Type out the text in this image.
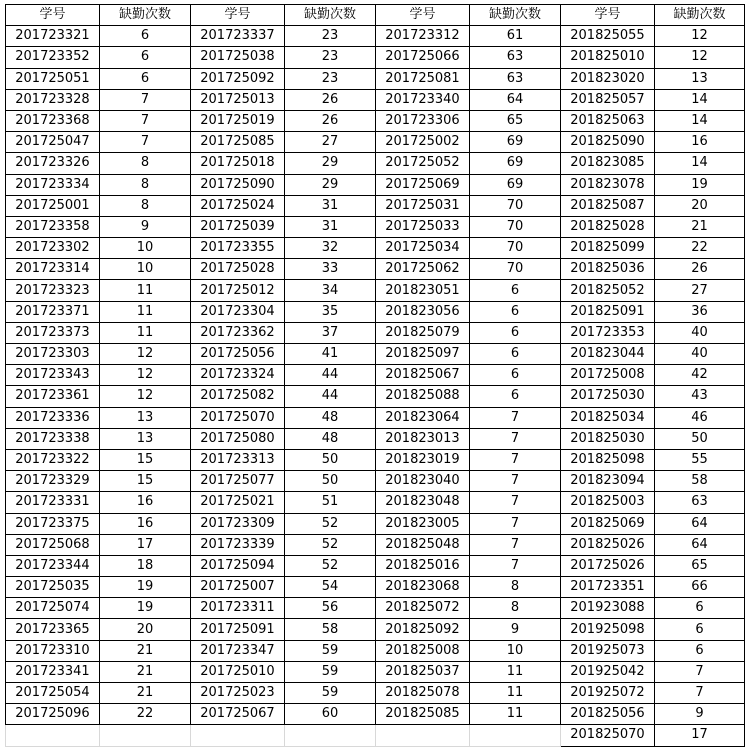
学号	缺勤次数	学号	缺勤次数	学号	缺勤次数	学号	缺勤次数
201723321	6	201723337	23	201723312	61	201825055	12
201723352	6	201725038	23	201725066	63	201825010	12
201725051	6	201725092	23	201725081	63	201823020	13
201723328	7	201725013	26	201723340	64	201825057	14
201723368	7	201725019	26	201723306	65	201825063	14
201725047	7	201725085	27	201725002	69	201825090	16
201723326	8	201725018	29	201725052	69	201823085	14
201723334	8	201725090	29	201725069	69	201823078	19
201725001	8	201725024	31	201725031	70	201825087	20
201723358	9	201725039	31	201725033	70	201825028	21
201723302	10	201723355	32	201725034	70	201825099	22
201723314	10	201725028	33	201725062	70	201825036	26
201723323	11	201725012	34	201823051	6	201825052	27
201723371	11	201723304	35	201823056	6	201825091	36
201723373	11	201723362	37	201825079	6	201723353	40
201723303	12	201725056	41	201825097	6	201823044	40
201723343	12	201723324	44	201825067	6	201725008	42
201723361	12	201725082	44	201825088	6	201725030	43
201723336	13	201725070	48	201823064	7	201825034	46
201723338	13	201725080	48	201823013	7	201825030	50
201723322	15	201723313	50	201823019	7	201825098	55
201723329	15	201725077	50	201823040	7	201823094	58
201723331	16	201725021	51	201823048	7	201825003	63
201723375	16	201723309	52	201823005	7	201825069	64
201725068	17	201723339	52	201825048	7	201825026	64
201723344	18	201725094	52	201825016	7	201725026	65
201725035	19	201725007	54	201823068	8	201723351	66
201725074	19	201723311	56	201825072	8	201923088	6
201723365	20	201725091	58	201825092	9	201925098	6
201723310	21	201723347	59	201825008	10	201925073	6
201723341	21	201725010	59	201825037	11	201925042	7
201725054	21	201725023	59	201825078	11	201925072	7
201725096	22	201725067	60	201825085	11	201825056	9
						201825070	17
